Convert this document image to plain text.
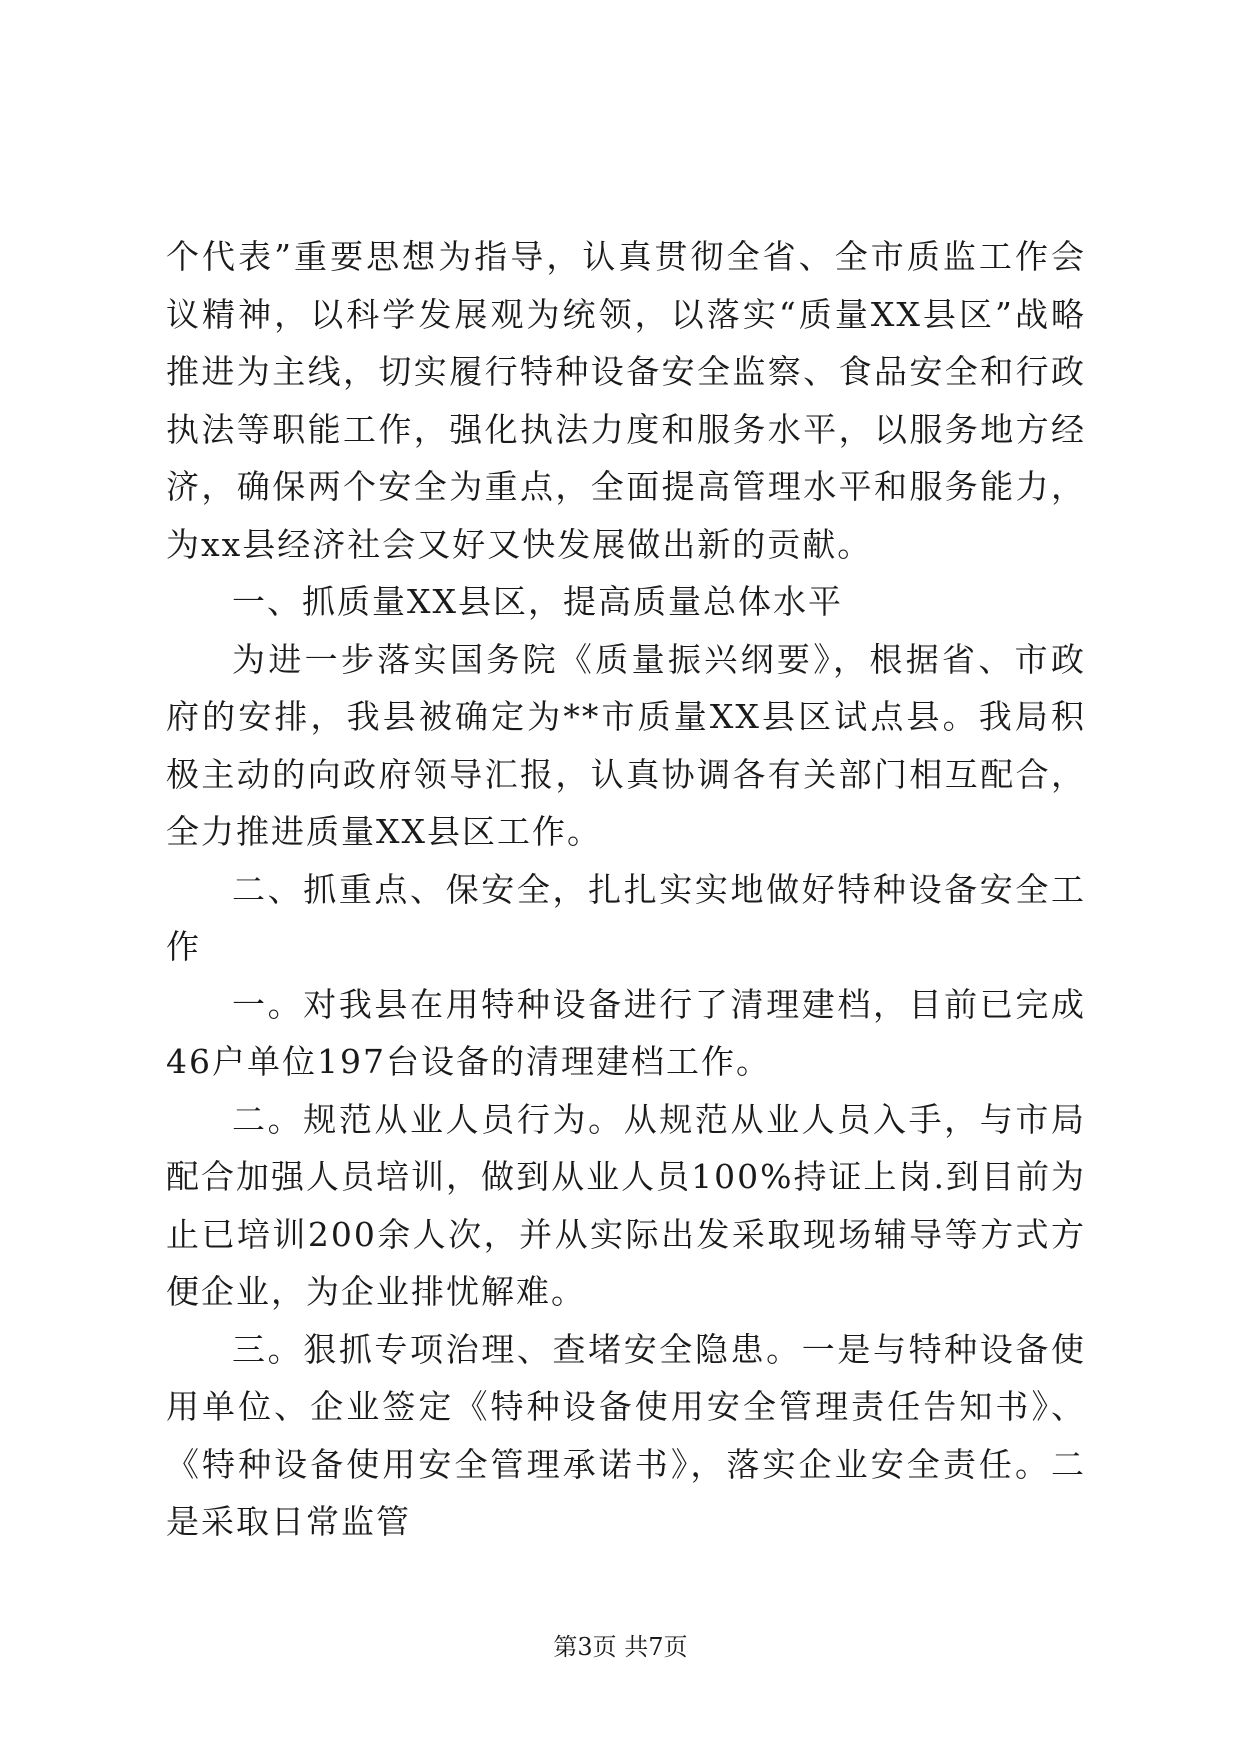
个代表”重要思想为指导，认真贯彻全省、全市质监工作会议精神，以科学发展观为统领，以落实“质量XX县区”战略推进为主线，切实履行特种设备安全监察、食品安全和行政执法等职能工作，强化执法力度和服务水平，以服务地方经济，确保两个安全为重点，全面提高管理水平和服务能力，为xx县经济社会又好又快发展做出新的贡献。

一、抓质量XX县区，提高质量总体水平

为进一步落实国务院《质量振兴纲要》，根据省、市政府的安排，我县被确定为**市质量XX县区试点县。我局积极主动的向政府领导汇报，认真协调各有关部门相互配合，全力推进质量XX县区工作。

二、抓重点、保安全，扎扎实实地做好特种设备安全工作

一。对我县在用特种设备进行了清理建档，目前已完成46户单位197台设备的清理建档工作。

二。规范从业人员行为。从规范从业人员入手，与市局配合加强人员培训，做到从业人员100%持证上岗.到目前为止已培训200余人次，并从实际出发采取现场辅导等方式方便企业，为企业排忧解难。

三。狠抓专项治理、查堵安全隐患。一是与特种设备使用单位、企业签定《特种设备使用安全管理责任告知书》、《特种设备使用安全管理承诺书》，落实企业安全责任。二是采取日常监管

第3页 共7页
